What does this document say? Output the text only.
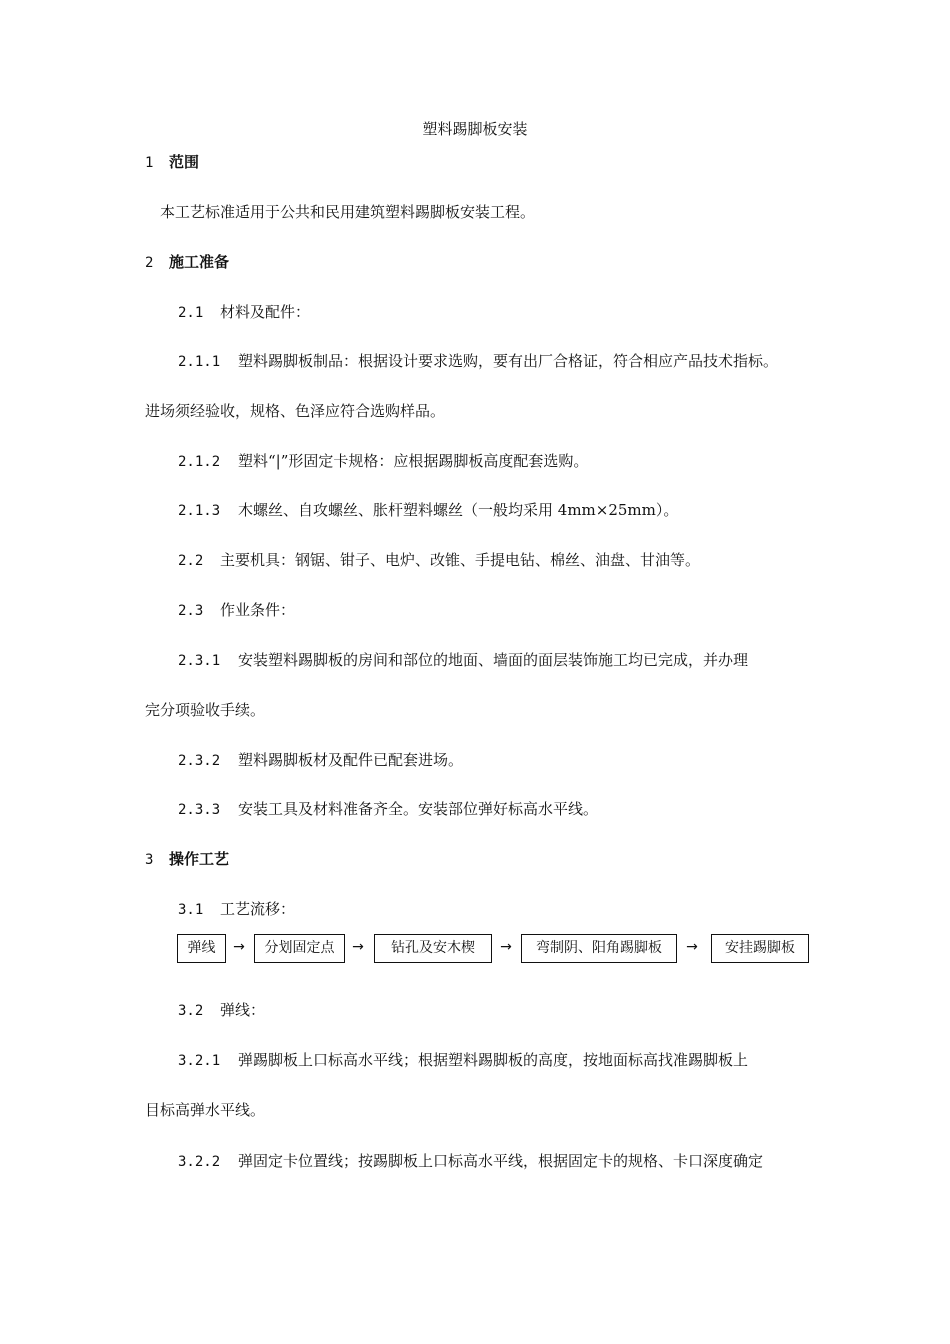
塑料踢脚板安装
1 范围
本工艺标准适用于公共和民用建筑塑料踢脚板安装工程。
2 施工准备
2.1 材料及配件：
2.1.1 塑料踢脚板制品：根据设计要求选购，要有出厂合格证，符合相应产品技术指标。
进场须经验收，规格、色泽应符合选购样品。
2.1.2 塑料“|”形固定卡规格：应根据踢脚板高度配套选购。
2.1.3 木螺丝、自攻螺丝、胀杆塑料螺丝（一般均采用 4mm×25mm）。
2.2 主要机具：钢锯、钳子、电炉、改锥、手提电钻、棉丝、油盘、甘油等。
2.3 作业条件：
2.3.1 安装塑料踢脚板的房间和部位的地面、墙面的面层装饰施工均已完成，并办理
完分项验收手续。
2.3.2 塑料踢脚板材及配件已配套进场。
2.3.3 安装工具及材料准备齐全。安装部位弹好标高水平线。
3 操作工艺
3.1 工艺流移：
弹线	→	分划固定点	→	钻孔及安木楔	→	弯制阴、阳角踢脚板	→	安挂踢脚板
3.2 弹线：
3.2.1 弹踢脚板上口标高水平线；根据塑料踢脚板的高度，按地面标高找准踢脚板上
目标高弹水平线。
3.2.2 弹固定卡位置线；按踢脚板上口标高水平线，根据固定卡的规格、卡口深度确定
